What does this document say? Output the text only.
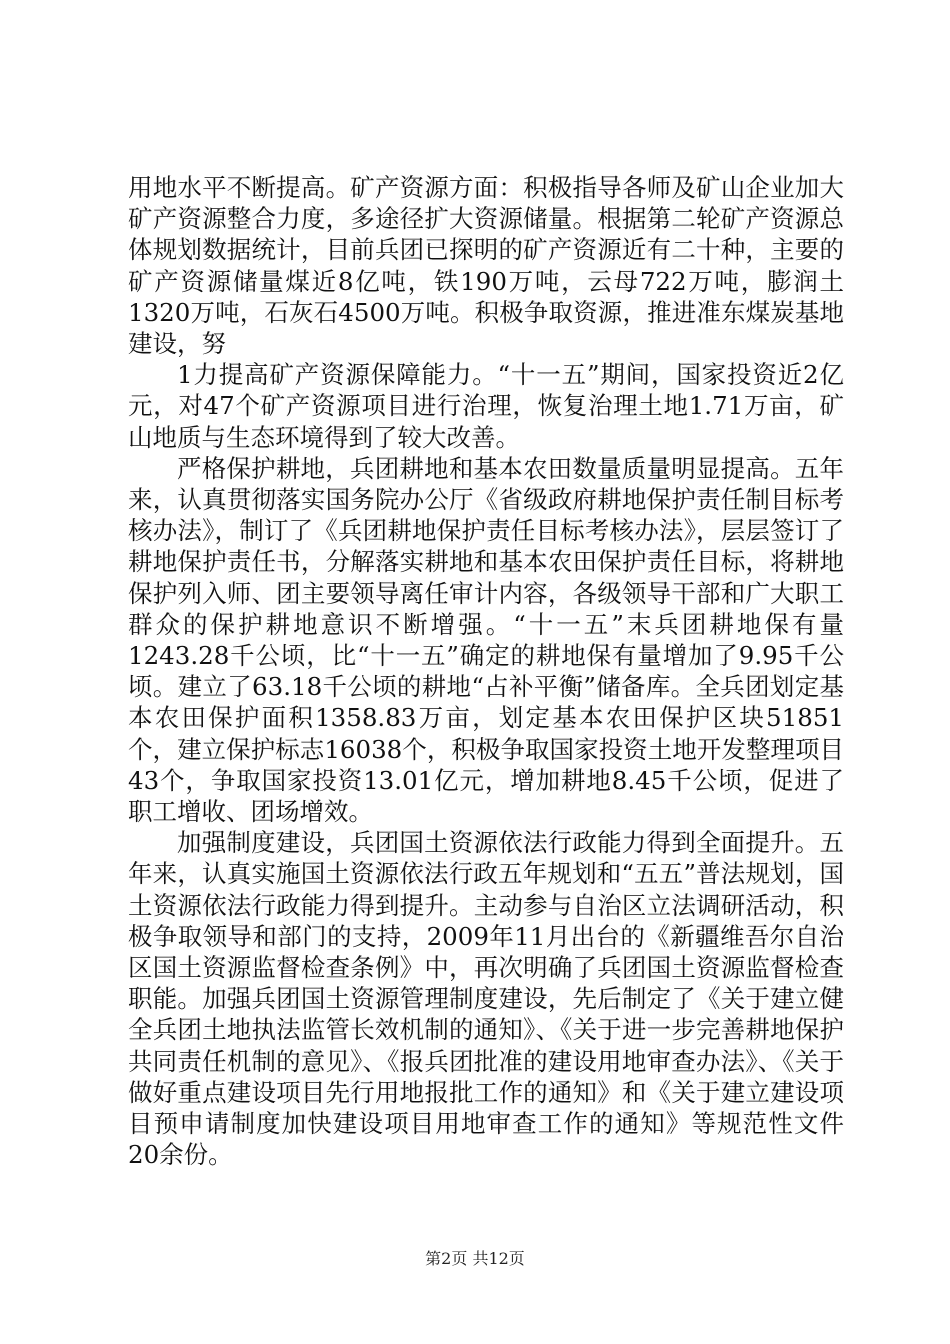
用地水平不断提高。矿产资源方面：积极指导各师及矿山企业加大矿产资源整合力度，多途径扩大资源储量。根据第二轮矿产资源总体规划数据统计，目前兵团已探明的矿产资源近有二十种，主要的矿产资源储量煤近8亿吨，铁190万吨，云母722万吨，膨润土1320万吨，石灰石4500万吨。积极争取资源，推进准东煤炭基地建设，努

1力提高矿产资源保障能力。“十一五”期间，国家投资近2亿元，对47个矿产资源项目进行治理，恢复治理土地1.71万亩，矿山地质与生态环境得到了较大改善。

严格保护耕地，兵团耕地和基本农田数量质量明显提高。五年来，认真贯彻落实国务院办公厅《省级政府耕地保护责任制目标考核办法》，制订了《兵团耕地保护责任目标考核办法》，层层签订了耕地保护责任书，分解落实耕地和基本农田保护责任目标，将耕地保护列入师、团主要领导离任审计内容，各级领导干部和广大职工群众的保护耕地意识不断增强。“十一五”末兵团耕地保有量1243.28千公顷，比“十一五”确定的耕地保有量增加了9.95千公顷。建立了63.18千公顷的耕地“占补平衡”储备库。全兵团划定基本农田保护面积1358.83万亩，划定基本农田保护区块51851个，建立保护标志16038个，积极争取国家投资土地开发整理项目43个，争取国家投资13.01亿元，增加耕地8.45千公顷，促进了职工增收、团场增效。

加强制度建设，兵团国土资源依法行政能力得到全面提升。五年来，认真实施国土资源依法行政五年规划和“五五”普法规划，国土资源依法行政能力得到提升。主动参与自治区立法调研活动，积极争取领导和部门的支持，2009年11月出台的《新疆维吾尔自治区国土资源监督检查条例》中，再次明确了兵团国土资源监督检查职能。加强兵团国土资源管理制度建设，先后制定了《关于建立健全兵团土地执法监管长效机制的通知》、《关于进一步完善耕地保护共同责任机制的意见》、《报兵团批准的建设用地审查办法》、《关于做好重点建设项目先行用地报批工作的通知》和《关于建立建设项目预申请制度加快建设项目用地审查工作的通知》等规范性文件20余份。

第2页 共12页
